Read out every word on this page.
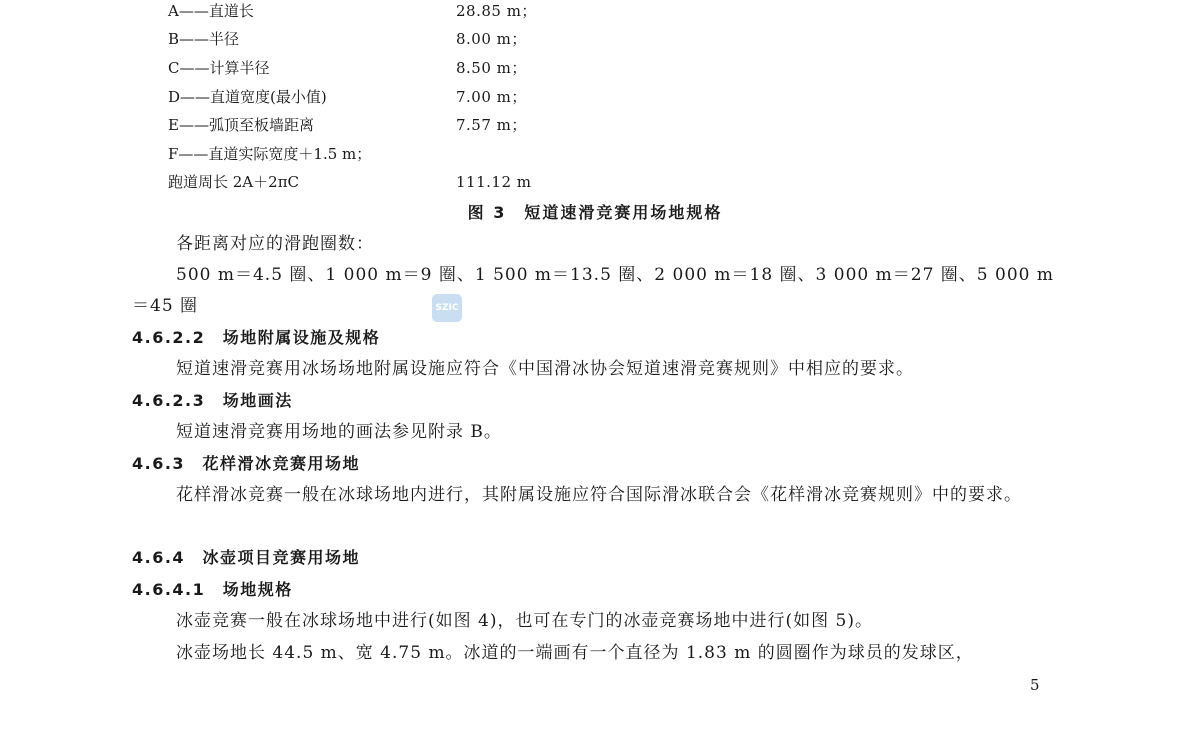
A——直道长	28.85 m；
B——半径	8.00 m；
C——计算半径	8.50 m；
D——直道宽度(最小值)	7.00 m；
E——弧顶至板墙距离	7.57 m；
F——直道实际宽度＋1.5 m；
跑道周长 2A＋2πC	111.12 m
图 3　短道速滑竞赛用场地规格
各距离对应的滑跑圈数：
500 m＝4.5 圈、1 000 m＝9 圈、1 500 m＝13.5 圈、2 000 m＝18 圈、3 000 m＝27 圈、5 000 m＝45 圈	SZIC
4.6.2.2　场地附属设施及规格
短道速滑竞赛用冰场场地附属设施应符合《中国滑冰协会短道速滑竞赛规则》中相应的要求。
4.6.2.3　场地画法
短道速滑竞赛用场地的画法参见附录 B。
4.6.3　花样滑冰竞赛用场地
花样滑冰竞赛一般在冰球场地内进行，其附属设施应符合国际滑冰联合会《花样滑冰竞赛规则》中的要求。
4.6.4　冰壶项目竞赛用场地
4.6.4.1　场地规格
冰壶竞赛一般在冰球场地中进行(如图 4)，也可在专门的冰壶竞赛场地中进行(如图 5)。
冰壶场地长 44.5 m、宽 4.75 m。冰道的一端画有一个直径为 1.83 m 的圆圈作为球员的发球区，
5
